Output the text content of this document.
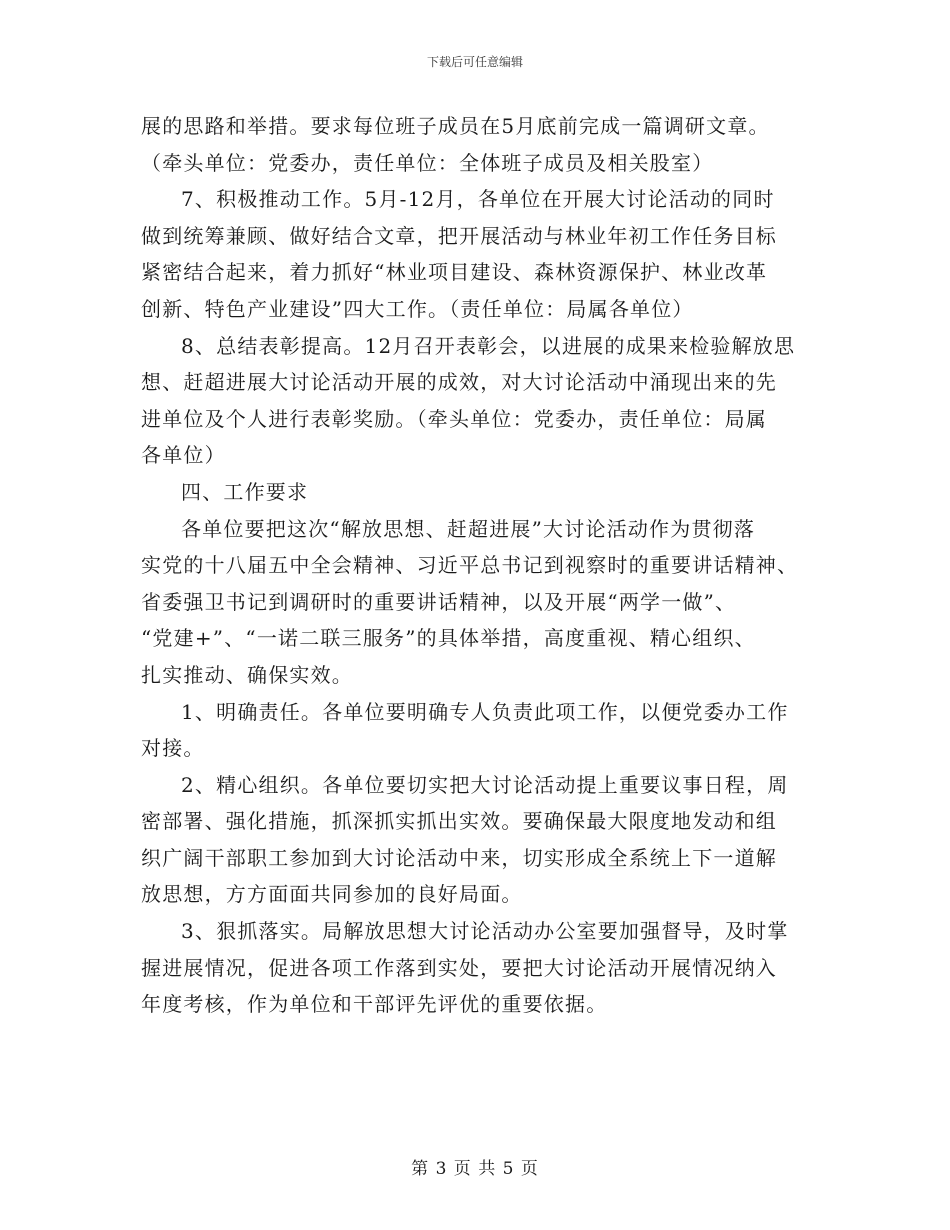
下载后可任意编辑
展的思路和举措。要求每位班子成员在5月底前完成一篇调研文章。
（牵头单位：党委办，责任单位：全体班子成员及相关股室）
7、积极推动工作。5月-12月，各单位在开展大讨论活动的同时
做到统筹兼顾、做好结合文章，把开展活动与林业年初工作任务目标
紧密结合起来，着力抓好“林业项目建设、森林资源保护、林业改革
创新、特色产业建设”四大工作。（责任单位：局属各单位）
8、总结表彰提高。12月召开表彰会，以进展的成果来检验解放思
想、赶超进展大讨论活动开展的成效，对大讨论活动中涌现出来的先
进单位及个人进行表彰奖励。（牵头单位：党委办，责任单位：局属
各单位）
四、工作要求
各单位要把这次“解放思想、赶超进展”大讨论活动作为贯彻落
实党的十八届五中全会精神、习近平总书记到视察时的重要讲话精神、
省委强卫书记到调研时的重要讲话精神，以及开展“两学一做”、
“党建+”、“一诺二联三服务”的具体举措，高度重视、精心组织、
扎实推动、确保实效。
1、明确责任。各单位要明确专人负责此项工作，以便党委办工作
对接。
2、精心组织。各单位要切实把大讨论活动提上重要议事日程，周
密部署、强化措施，抓深抓实抓出实效。要确保最大限度地发动和组
织广阔干部职工参加到大讨论活动中来，切实形成全系统上下一道解
放思想，方方面面共同参加的良好局面。
3、狠抓落实。局解放思想大讨论活动办公室要加强督导，及时掌
握进展情况，促进各项工作落到实处，要把大讨论活动开展情况纳入
年度考核，作为单位和干部评先评优的重要依据。
第 3 页 共 5 页
